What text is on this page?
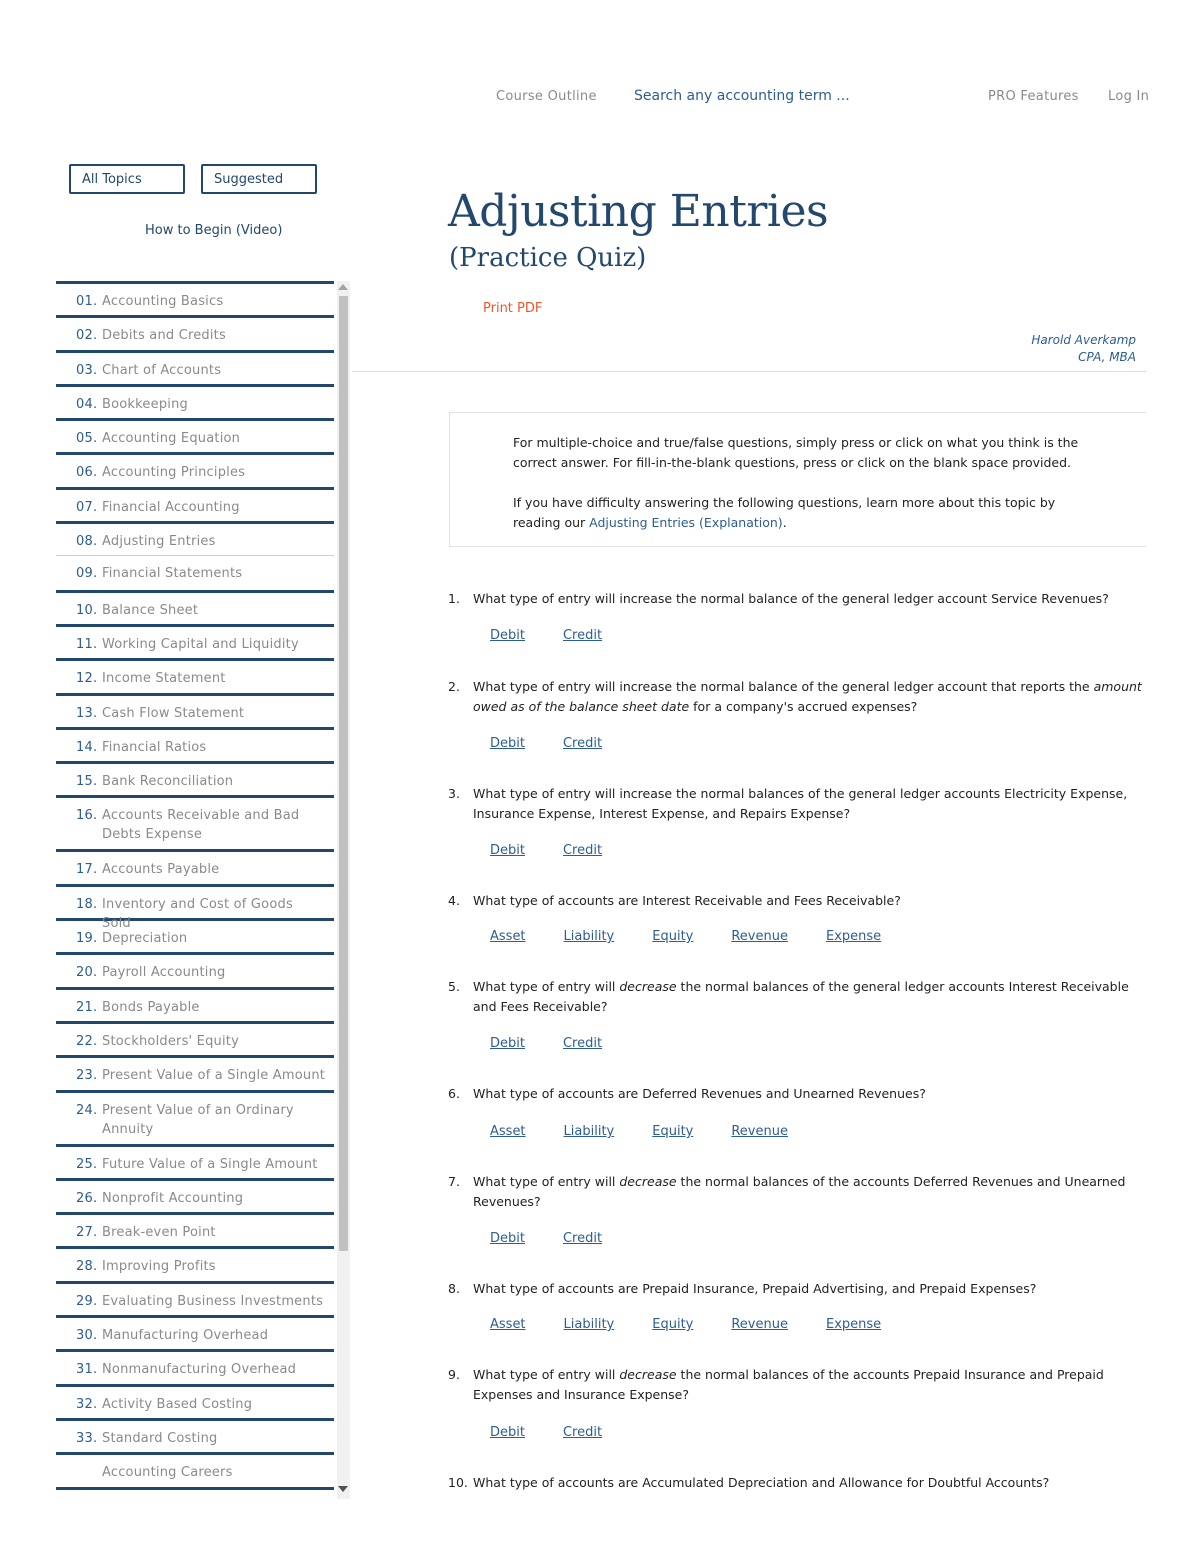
Course Outline	Search any accounting term ...	PRO Features Log In
All Topics	Suggested
How to Begin (Video)
01. Accounting Basics
02. Debits and Credits
03. Chart of Accounts
04. Bookkeeping
05. Accounting Equation
06. Accounting Principles
07. Financial Accounting
08. Adjusting Entries
09. Financial Statements
10. Balance Sheet
11. Working Capital and Liquidity
12. Income Statement
13. Cash Flow Statement
14. Financial Ratios
15. Bank Reconciliation
16. Accounts Receivable and Bad Debts Expense
17. Accounts Payable
18. Inventory and Cost of Goods Sold
19. Depreciation
20. Payroll Accounting
21. Bonds Payable
22. Stockholders' Equity
23. Present Value of a Single Amount
24. Present Value of an Ordinary Annuity
25. Future Value of a Single Amount
26. Nonprofit Accounting
27. Break-even Point
28. Improving Profits
29. Evaluating Business Investments
30. Manufacturing Overhead
31. Nonmanufacturing Overhead
32. Activity Based Costing
33. Standard Costing
Accounting Careers
Adjusting Entries
(Practice Quiz)
Print PDF
Harold Averkamp
CPA, MBA

For multiple-choice and true/false questions, simply press or click on what you think is the correct answer. For fill-in-the-blank questions, press or click on the blank space provided.

If you have difficulty answering the following questions, learn more about this topic by reading our Adjusting Entries (Explanation).

1. What type of entry will increase the normal balance of the general ledger account Service Revenues?
Debit	Credit
2. What type of entry will increase the normal balance of the general ledger account that reports the amount owed as of the balance sheet date for a company's accrued expenses?
Debit	Credit
3. What type of entry will increase the normal balances of the general ledger accounts Electricity Expense, Insurance Expense, Interest Expense, and Repairs Expense?
Debit	Credit
4. What type of accounts are Interest Receivable and Fees Receivable?
Asset	Liability	Equity	Revenue	Expense
5. What type of entry will decrease the normal balances of the general ledger accounts Interest Receivable and Fees Receivable?
Debit	Credit
6. What type of accounts are Deferred Revenues and Unearned Revenues?
Asset	Liability	Equity	Revenue
7. What type of entry will decrease the normal balances of the accounts Deferred Revenues and Unearned Revenues?
Debit	Credit
8. What type of accounts are Prepaid Insurance, Prepaid Advertising, and Prepaid Expenses?
Asset	Liability	Equity	Revenue	Expense
9. What type of entry will decrease the normal balances of the accounts Prepaid Insurance and Prepaid Expenses and Insurance Expense?
Debit	Credit
10. What type of accounts are Accumulated Depreciation and Allowance for Doubtful Accounts?
